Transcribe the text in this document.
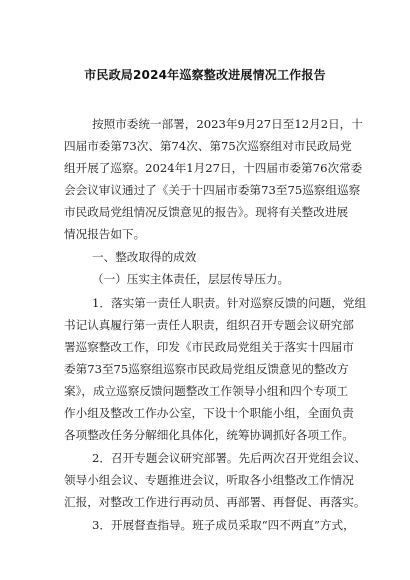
市民政局2024年巡察整改进展情况工作报告
按照市委统一部署，2023年9月27日至12月2日，十
四届市委第73次、第74次、第75次巡察组对市民政局党
组开展了巡察。2024年1月27日，十四届市委第76次常委
会会议审议通过了《关于十四届市委第73至75巡察组巡察
市民政局党组情况反馈意见的报告》。现将有关整改进展
情况报告如下。
一、整改取得的成效
（一）压实主体责任，层层传导压力。
1．落实第一责任人职责。针对巡察反馈的问题，党组
书记认真履行第一责任人职责，组织召开专题会议研究部
署巡察整改工作，印发《市民政局党组关于落实十四届市
委第73至75巡察组巡察市民政局党组反馈意见的整改方
案》，成立巡察反馈问题整改工作领导小组和四个专项工
作小组及整改工作办公室，下设十个职能小组，全面负责
各项整改任务分解细化具体化，统筹协调抓好各项工作。
2．召开专题会议研究部署。先后两次召开党组会议、
领导小组会议、专题推进会议，听取各小组整改工作情况
汇报，对整改工作进行再动员、再部署、再督促、再落实。
3．开展督查指导。班子成员采取“四不两直”方式，
